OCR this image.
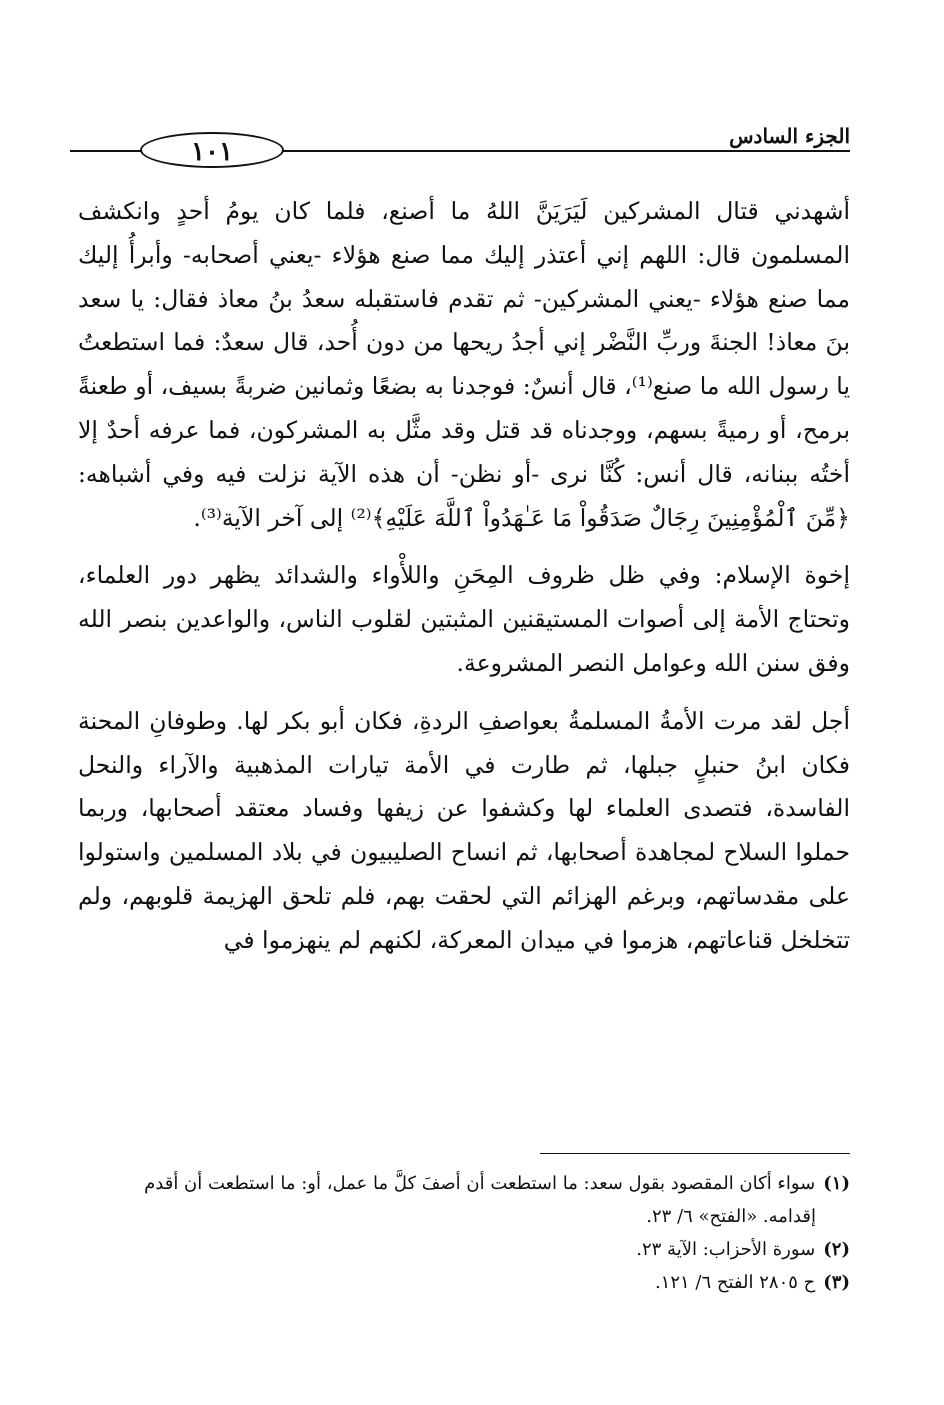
١٠١
الجزء السادس

أشهدني قتال المشركين لَيَرَيَنَّ اللهُ ما أصنع، فلما كان يومُ أحدٍ وانكشف المسلمون قال: اللهم إني أعتذر إليك مما صنع هؤلاء -يعني أصحابه- وأبرأُ إليك مما صنع هؤلاء -يعني المشركين- ثم تقدم فاستقبله سعدُ بنُ معاذ فقال: يا سعد بنَ معاذ! الجنةَ وربِّ النَّضْر إني أجدُ ريحها من دون أُحد، قال سعدٌ: فما استطعتُ يا رسول الله ما صنع⁽¹⁾، قال أنسٌ: فوجدنا به بضعًا وثمانين ضربةً بسيف، أو طعنةً برمح، أو رميةً بسهم، ووجدناه قد قتل وقد مثَّل به المشركون، فما عرفه أحدٌ إلا أختُه ببنانه، قال أنس: كُنَّا نرى -أو نظن- أن هذه الآية نزلت فيه وفي أشباهه: ﴿مِّنَ ٱلْمُؤْمِنِينَ رِجَالٌ صَدَقُواْ مَا عَـٰهَدُواْ ٱللَّهَ عَلَيْهِ﴾⁽²⁾ إلى آخر الآية⁽³⁾.

إخوة الإسلام: وفي ظل ظروف المِحَنِ واللأْواء والشدائد يظهر دور العلماء، وتحتاج الأمة إلى أصوات المستيقنين المثبتين لقلوب الناس، والواعدين بنصر الله وفق سنن الله وعوامل النصر المشروعة.

أجل لقد مرت الأمةُ المسلمةُ بعواصفِ الردةِ، فكان أبو بكر لها. وطوفانِ المحنة فكان ابنُ حنبلٍ جبلها، ثم طارت في الأمة تيارات المذهبية والآراء والنحل الفاسدة، فتصدى العلماء لها وكشفوا عن زيفها وفساد معتقد أصحابها، وربما حملوا السلاح لمجاهدة أصحابها، ثم انساح الصليبيون في بلاد المسلمين واستولوا على مقدساتهم، وبرغم الهزائم التي لحقت بهم، فلم تلحق الهزيمة قلوبهم، ولم تتخلخل قناعاتهم، هزموا في ميدان المعركة، لكنهم لم ينهزموا في

(١)سواء أكان المقصود بقول سعد: ما استطعت أن أصفَ كلَّ ما عمل، أو: ما استطعت أن أقدم

إقدامه. «الفتح» ٦/ ٢٣.

(٢)سورة الأحزاب: الآية ٢٣.

(٣)ح ٢٨٠٥ الفتح ٦/ ١٢١.
